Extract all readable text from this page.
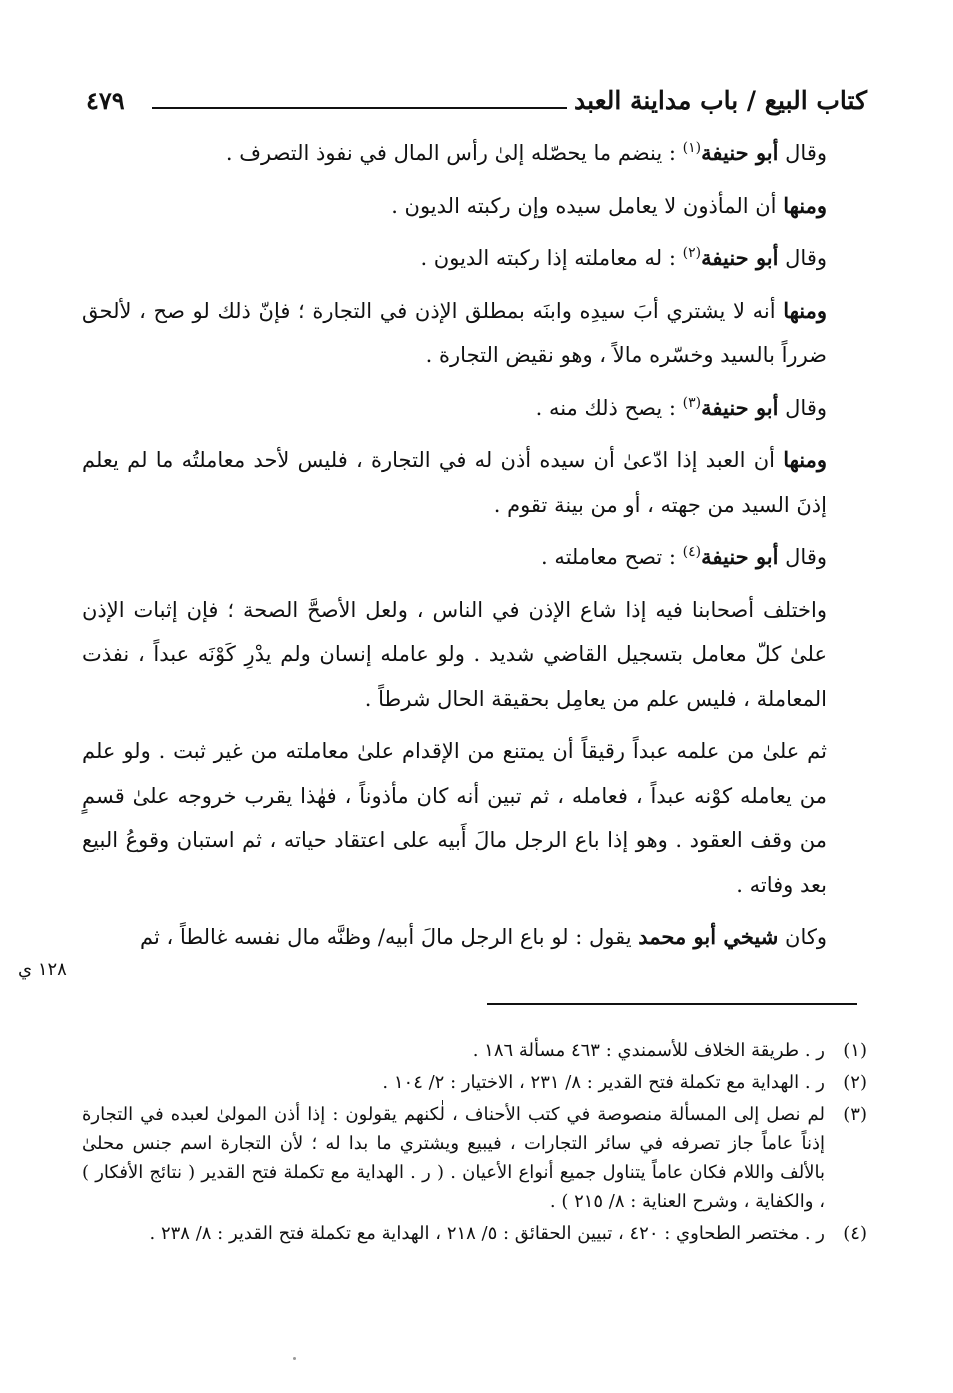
كتاب البيع / باب مداينة العبد
٤٧٩

وقال أبو حنيفة$^{(١)}$ : ينضم ما يحصّله إلىٰ رأس المال في نفوذ التصرف .

ومنها أن المأذون لا يعامل سيده وإن ركبته الديون .

وقال أبو حنيفة$^{(٢)}$ : له معاملته إذا ركبته الديون .

ومنها أنه لا يشتري أبَ سيدِه وابنَه بمطلق الإذن في التجارة ؛ فإنّ ذلك لو صح ، لألحق ضرراً بالسيد وخسّره مالاً ، وهو نقيض التجارة .

وقال أبو حنيفة$^{(٣)}$ : يصح ذلك منه .

ومنها أن العبد إذا ادّعىٰ أن سيده أذن له في التجارة ، فليس لأحد معاملتُه ما لم يعلم إذنَ السيد من جهته ، أو من بينة تقوم .

وقال أبو حنيفة$^{(٤)}$ : تصح معاملته .

واختلف أصحابنا فيه إذا شاع الإذن في الناس ، ولعل الأصحَّ الصحة ؛ فإن إثبات الإذن علىٰ كلّ معامل بتسجيل القاضي شديد . ولو عامله إنسان ولم يدْرِ كَوْنَه عبداً ، نفذت المعاملة ، فليس علم من يعامِل بحقيقة الحال شرطاً .

ثم علىٰ من علمه عبداً رقيقاً أن يمتنع من الإقدام علىٰ معاملته من غير ثبت . ولو علم من يعامله كوْنه عبداً ، فعامله ، ثم تبين أنه كان مأذوناً ، فهٰذا يقرب خروجه علىٰ قسمٍ من وقف العقود . وهو إذا باع الرجل مالَ أَبيه على اعتقاد حياته ، ثم استبان وقوعُ البيع بعد وفاته .

وكان شيخي أبو محمد يقول : لو باع الرجل مالَ أبيه/ وظنَّه مال نفسه غالطاً ، ثم

١٢٨ ي
(١)
ر . طريقة الخلاف للأسمندي : ٤٦٣ مسألة ١٨٦ .
(٢)
ر . الهداية مع تكملة فتح القدير : ٨/ ٢٣١ ، الاختيار : ٢/ ١٠٤ .
(٣)
لم نصل إلى المسألة منصوصة في كتب الأحناف ، لٰكنهم يقولون : إذا أذن المولىٰ لعبده في التجارة إذناً عاماً جاز تصرفه في سائر التجارات ، فيبيع ويشتري ما بدا له ؛ لأن التجارة اسم جنس محلىٰ بالألف واللام فكان عاماً يتناول جميع أنواع الأعيان . ( ر . الهداية مع تكملة فتح القدير ( نتائج الأفكار ) ، والكفاية ، وشرح العناية : ٨/ ٢١٥ ) .
(٤)
ر . مختصر الطحاوي : ٤٢٠ ، تبيين الحقائق : ٥/ ٢١٨ ، الهداية مع تكملة فتح القدير : ٨/ ٢٣٨ .
